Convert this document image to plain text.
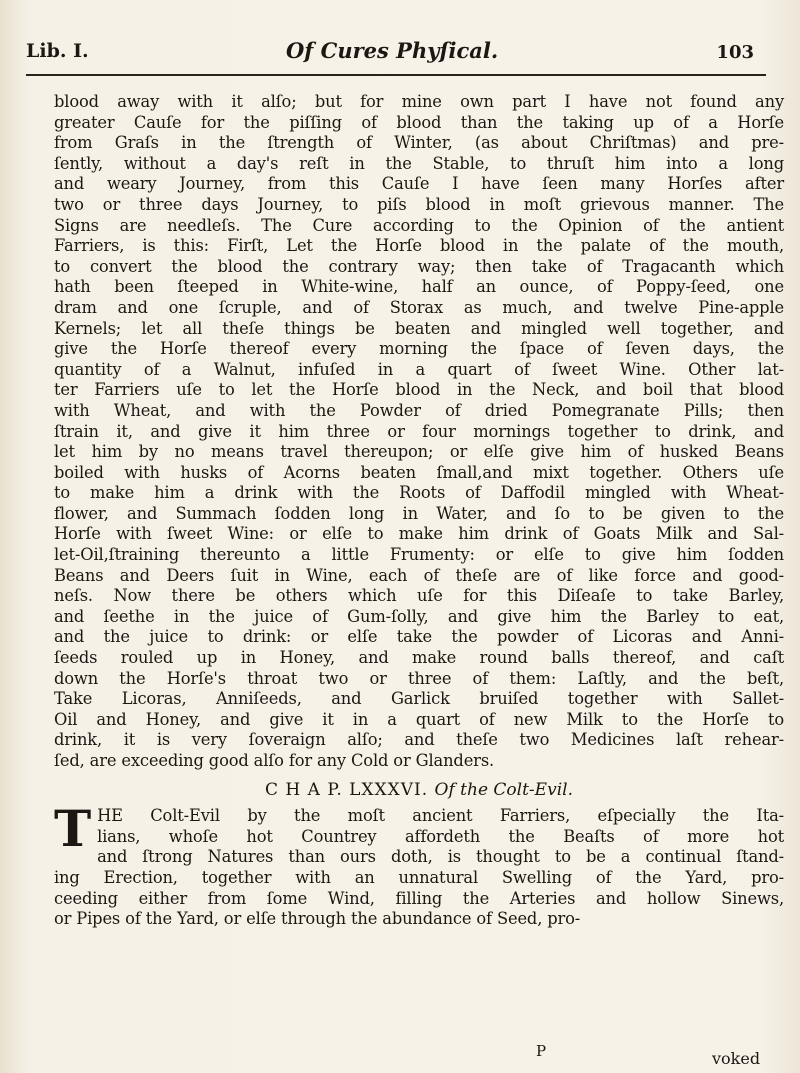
Lib. I.	Of Cures Phyſical.	103

blood away with it alſo; but for mine own part I have not found any

greater Cauſe for the piſſing of blood than the taking up of a Horſe

from Graſs in the ſtrength of Winter, (as about Chriſtmas) and pre-

ſently, without a day's reſt in the Stable, to thruſt him into a long

and weary Journey, from this Cauſe I have ſeen many Horſes after

two or three days Journey, to piſs blood in moſt grievous manner. The

Signs are needleſs. The Cure according to the Opinion of the antient

Farriers, is this: Firſt, Let the Horſe blood in the palate of the mouth,

to convert the blood the contrary way; then take of Tragacanth which

hath been ſteeped in White-wine, half an ounce, of Poppy-ſeed, one

dram and one ſcruple, and of Storax as much, and twelve Pine-apple

Kernels; let all theſe things be beaten and mingled well together, and

give the Horſe thereof every morning the ſpace of ſeven days, the

quantity of a Walnut, infuſed in a quart of ſweet Wine. Other lat-

ter Farriers uſe to let the Horſe blood in the Neck, and boil that blood

with Wheat, and with the Powder of dried Pomegranate Pills; then

ſtrain it, and give it him three or four mornings together to drink, and

let him by no means travel thereupon; or elſe give him of husked Beans

boiled with husks of Acorns beaten ſmall,and mixt together. Others uſe

to make him a drink with the Roots of Daffodil mingled with Wheat-

flower, and Summach ſodden long in Water, and ſo to be given to the

Horſe with ſweet Wine: or elſe to make him drink of Goats Milk and Sal-

let-Oil,ſtraining thereunto a little Frumenty: or elſe to give him ſodden

Beans and Deers ſuit in Wine, each of theſe are of like force and good-

neſs. Now there be others which uſe for this Diſeaſe to take Barley,

and ſeethe in the juice of Gum-ſolly, and give him the Barley to eat,

and the juice to drink: or elſe take the powder of Licoras and Anni-

ſeeds rouled up in Honey, and make round balls thereof, and caſt

down the Horſe's throat two or three of them: Laſtly, and the beſt,

Take Licoras, Anniſeeds, and Garlick bruiſed together with Sallet-

Oil and Honey, and give it in a quart of new Milk to the Horſe to

drink, it is very ſoveraign alſo; and theſe two Medicines laſt rehear-

ſed, are exceeding good alſo for any Cold or Glanders.

C H A P. LXXXVI. Of the Colt-Evil.
T HE Colt-Evil by the moſt ancient Farriers, eſpecially the Ita-

lians, whoſe hot Countrey affordeth the Beaſts of more hot

and ſtrong Natures than ours doth, is thought to be a continual ſtand-

ing Erection, together with an unnatural Swelling of the Yard, pro-

ceeding either from ſome Wind, filling the Arteries and hollow Sinews,

or Pipes of the Yard, or elſe through the abundance of Seed, pro-

P	voked
